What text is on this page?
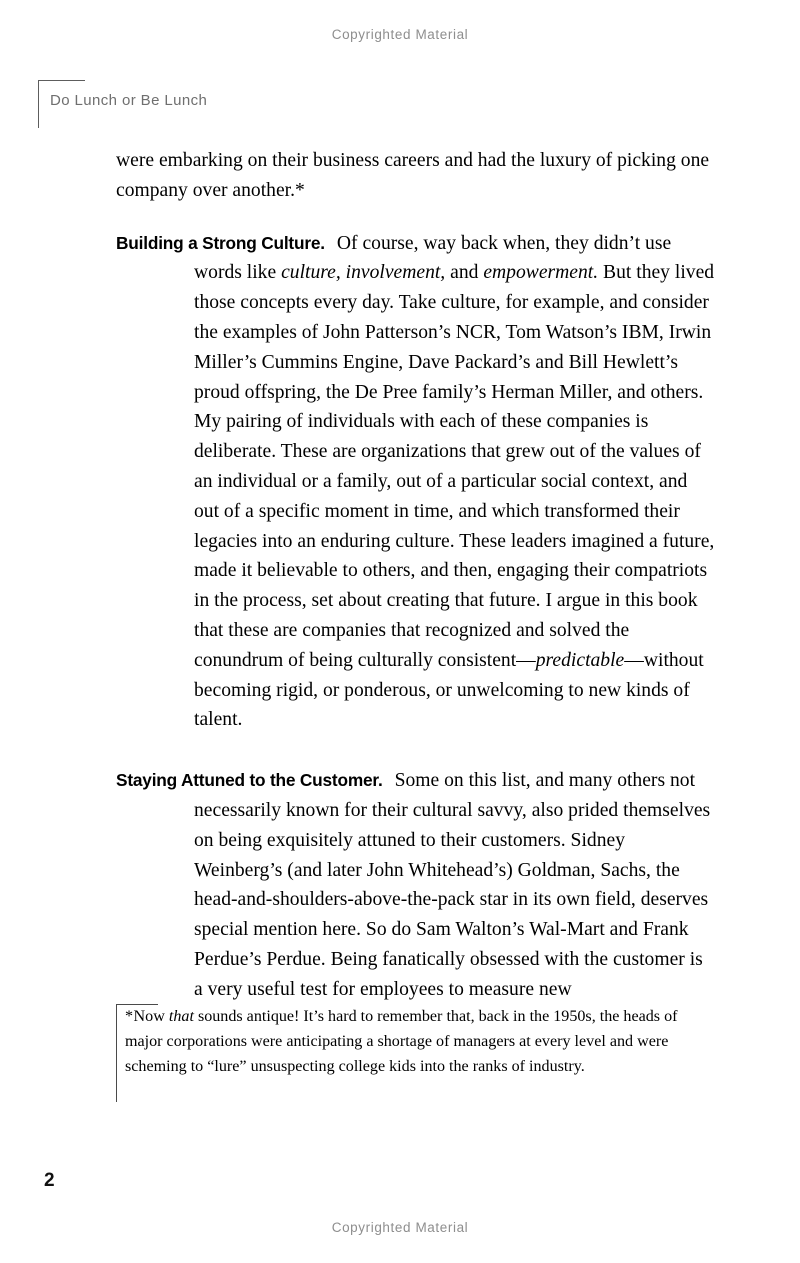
Copyrighted Material
Do Lunch or Be Lunch

were embarking on their business careers and had the luxury of picking one company over another.*

Building a Strong Culture. Of course, way back when, they didn’t use words like culture, involvement, and empowerment. But they lived those concepts every day. Take culture, for example, and consider the examples of John Patterson’s NCR, Tom Watson’s IBM, Irwin Miller’s Cummins Engine, Dave Packard’s and Bill Hewlett’s proud offspring, the De Pree family’s Herman Miller, and others. My pairing of individuals with each of these companies is deliberate. These are organizations that grew out of the values of an individual or a family, out of a particular social context, and out of a specific moment in time, and which transformed their legacies into an enduring culture. These leaders imagined a future, made it believable to others, and then, engaging their compatriots in the process, set about creating that future. I argue in this book that these are companies that recognized and solved the conundrum of being culturally consistent—predictable—without becoming rigid, or ponderous, or unwelcoming to new kinds of talent.

Staying Attuned to the Customer. Some on this list, and many others not necessarily known for their cultural savvy, also prided themselves on being exquisitely attuned to their customers. Sidney Weinberg’s (and later John Whitehead’s) Goldman, Sachs, the head-and-shoulders-above-the-pack star in its own field, deserves special mention here. So do Sam Walton’s Wal-Mart and Frank Perdue’s Perdue. Being fanatically obsessed with the customer is a very useful test for employees to measure new

*Now that sounds antique! It’s hard to remember that, back in the 1950s, the heads of major corporations were anticipating a shortage of managers at every level and were scheming to “lure” unsuspecting college kids into the ranks of industry.

2
Copyrighted Material
